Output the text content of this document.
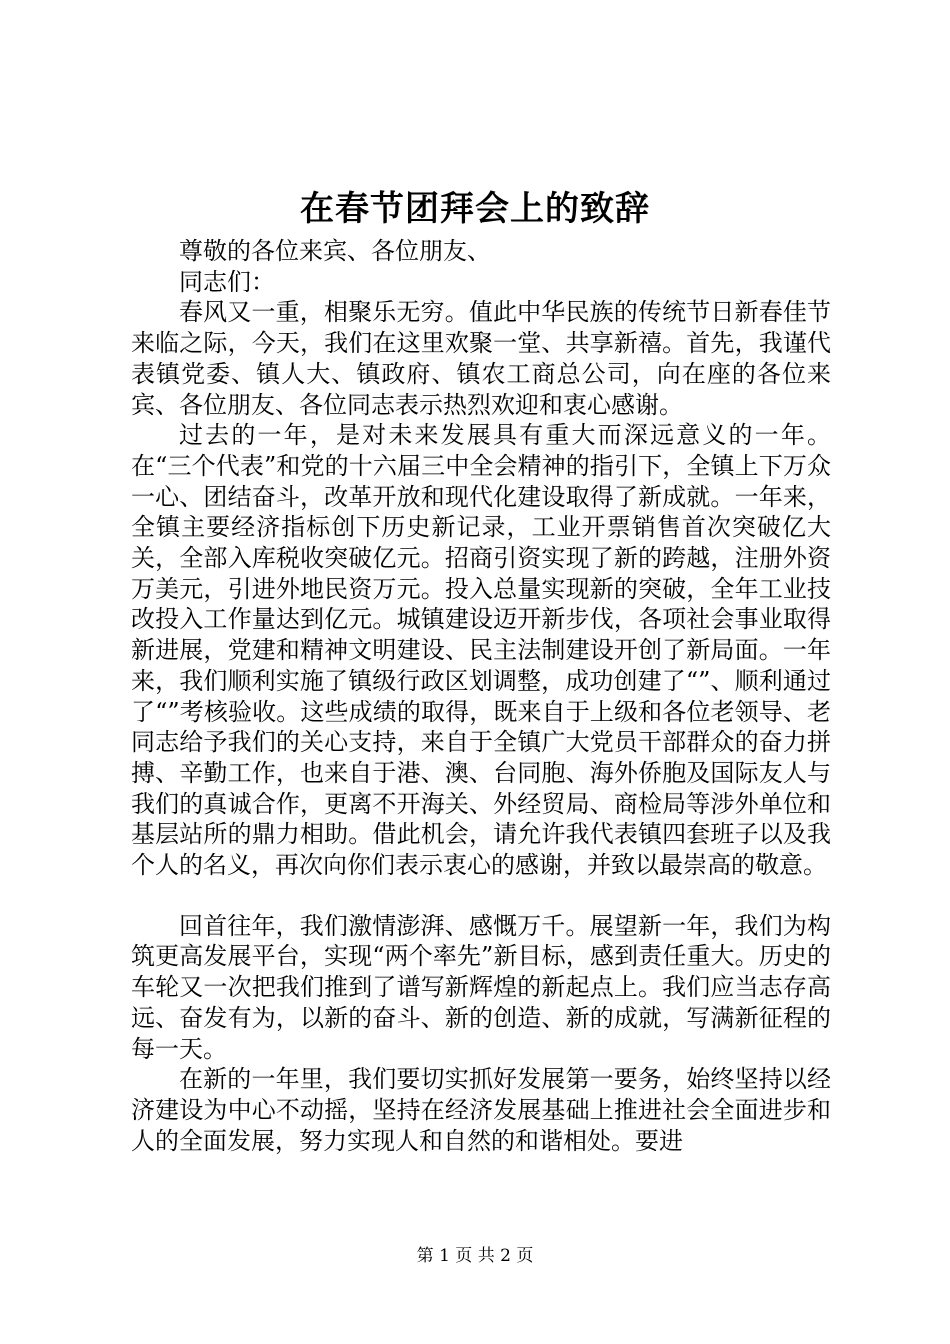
在春节团拜会上的致辞

尊敬的各位来宾、各位朋友、

同志们：

春风又一重，相聚乐无穷。值此中华民族的传统节日新春佳节来临之际，今天，我们在这里欢聚一堂、共享新禧。首先，我谨代表镇党委、镇人大、镇政府、镇农工商总公司，向在座的各位来宾、各位朋友、各位同志表示热烈欢迎和衷心感谢。

过去的一年，是对未来发展具有重大而深远意义的一年。在“三个代表”和党的十六届三中全会精神的指引下，全镇上下万众一心、团结奋斗，改革开放和现代化建设取得了新成就。一年来，全镇主要经济指标创下历史新记录，工业开票销售首次突破亿大关，全部入库税收突破亿元。招商引资实现了新的跨越，注册外资万美元，引进外地民资万元。投入总量实现新的突破，全年工业技改投入工作量达到亿元。城镇建设迈开新步伐，各项社会事业取得新进展，党建和精神文明建设、民主法制建设开创了新局面。一年来，我们顺利实施了镇级行政区划调整，成功创建了“”、顺利通过了“”考核验收。这些成绩的取得，既来自于上级和各位老领导、老同志给予我们的关心支持，来自于全镇广大党员干部群众的奋力拼搏、辛勤工作，也来自于港、澳、台同胞、海外侨胞及国际友人与我们的真诚合作，更离不开海关、外经贸局、商检局等涉外单位和基层站所的鼎力相助。借此机会，请允许我代表镇四套班子以及我个人的名义，再次向你们表示衷心的感谢，并致以最崇高的敬意。

回首往年，我们激情澎湃、感慨万千。展望新一年，我们为构筑更高发展平台，实现“两个率先”新目标，感到责任重大。历史的车轮又一次把我们推到了谱写新辉煌的新起点上。我们应当志存高远、奋发有为，以新的奋斗、新的创造、新的成就，写满新征程的每一天。

在新的一年里，我们要切实抓好发展第一要务，始终坚持以经济建设为中心不动摇，坚持在经济发展基础上推进社会全面进步和人的全面发展，努力实现人和自然的和谐相处。要进

第 1 页 共 2 页
